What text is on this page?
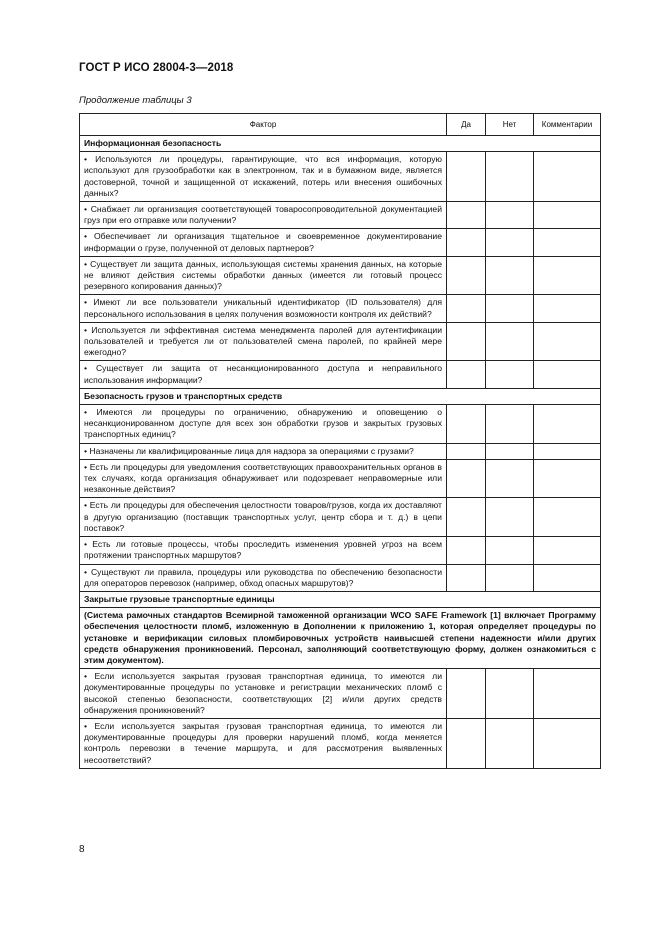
ГОСТ Р ИСО 28004-3—2018
Продолжение таблицы 3
Фактор	Да	Нет	Комментарии
Информационная безопасность			
• Используются ли процедуры, гарантирующие, что вся информация, которую используют для грузообработки как в электронном, так и в бумажном виде, является достоверной, точной и защищенной от искажений, потерь или внесения ошибочных данных?			
• Снабжает ли организация соответствующей товаросопроводительной документацией груз при его отправке или получении?			
• Обеспечивает ли организация тщательное и своевременное документирование информации о грузе, полученной от деловых партнеров?			
• Существует ли защита данных, использующая системы хранения данных, на которые не влияют действия системы обработки данных (имеется ли готовый процесс резервного копирования данных)?			
• Имеют ли все пользователи уникальный идентификатор (ID пользователя) для персонального использования в целях получения возможности контроля их действий?			
• Используется ли эффективная система менеджмента паролей для аутентификации пользователей и требуется ли от пользователей смена паролей, по крайней мере ежегодно?			
• Существует ли защита от несанкционированного доступа и неправильного использования информации?			
Безопасность грузов и транспортных средств			
• Имеются ли процедуры по ограничению, обнаружению и оповещению о несанкционированном доступе для всех зон обработки грузов и закрытых грузовых транспортных единиц?			
• Назначены ли квалифицированные лица для надзора за операциями с грузами?			
• Есть ли процедуры для уведомления соответствующих правоохранительных органов в тех случаях, когда организация обнаруживает или подозревает неправомерные или незаконные действия?			
• Есть ли процедуры для обеспечения целостности товаров/грузов, когда их доставляют в другую организацию (поставщик транспортных услуг, центр сбора и т. д.) в цепи поставок?			
• Есть ли готовые процессы, чтобы проследить изменения уровней угроз на всем протяжении транспортных маршрутов?			
• Существуют ли правила, процедуры или руководства по обеспечению безопасности для операторов перевозок (например, обход опасных маршрутов)?			
Закрытые грузовые транспортные единицы			
(Система рамочных стандартов Всемирной таможенной организации WCO SAFE Framework [1] включает Программу обеспечения целостности пломб, изложенную в Дополнении к приложению 1, которая определяет процедуры по установке и верификации силовых пломбировочных устройств наивысшей степени надежности и/или других средств обнаружения проникновений. Персонал, заполняющий соответствующую форму, должен ознакомиться с этим документом).			
• Если используется закрытая грузовая транспортная единица, то имеются ли документированные процедуры по установке и регистрации механических пломб с высокой степенью безопасности, соответствующих [2] и/или других средств обнаружения проникновений?			
• Если используется закрытая грузовая транспортная единица, то имеются ли документированные процедуры для проверки нарушений пломб, когда меняется контроль перевозки в течение маршрута, и для рассмотрения выявленных несоответствий?			
8
